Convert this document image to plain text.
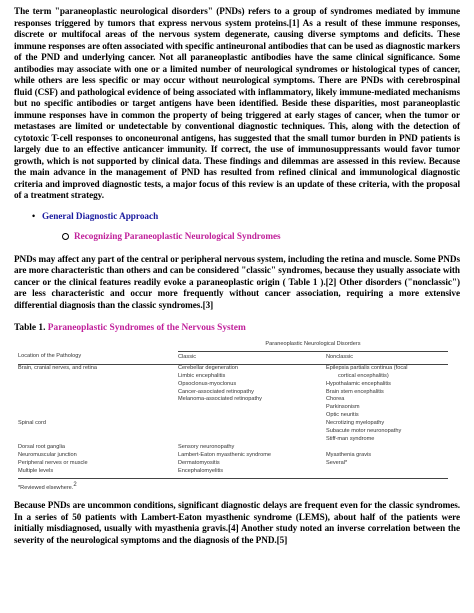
The term "paraneoplastic neurological disorders" (PNDs) refers to a group of syndromes mediated by immune responses triggered by tumors that express nervous system proteins.[1] As a result of these immune responses, discrete or multifocal areas of the nervous system degenerate, causing diverse symptoms and deficits. These immune responses are often associated with specific antineuronal antibodies that can be used as diagnostic markers of the PND and underlying cancer. Not all paraneoplastic antibodies have the same clinical significance. Some antibodies may associate with one or a limited number of neurological syndromes or histological types of cancer, while others are less specific or may occur without neurological symptoms. There are PNDs with cerebrospinal fluid (CSF) and pathological evidence of being associated with inflammatory, likely immune-mediated mechanisms but no specific antibodies or target antigens have been identified. Beside these disparities, most paraneoplastic immune responses have in common the property of being triggered at early stages of cancer, when the tumor or metastases are limited or undetectable by conventional diagnostic techniques. This, along with the detection of cytotoxic T-cell responses to onconeuronal antigens, has suggested that the small tumor burden in PND patients is largely due to an effective anticancer immunity. If correct, the use of immunosuppressants would favor tumor growth, which is not supported by clinical data. These findings and dilemmas are assessed in this review. Because the main advance in the management of PND has resulted from refined clinical and immunological diagnostic criteria and improved diagnostic tests, a major focus of this review is an update of these criteria, with the proposal of a treatment strategy.

• General Diagnostic Approach
Recognizing Paraneoplastic Neurological Syndromes

PNDs may affect any part of the central or peripheral nervous system, including the retina and muscle. Some PNDs are more characteristic than others and can be considered "classic" syndromes, because they usually associate with cancer or the clinical features readily evoke a paraneoplastic origin ( Table 1 ).[2] Other disorders ("nonclassic") are less characteristic and occur more frequently without cancer association, requiring a more extensive differential diagnosis than the classic syndromes.[3]

Table 1. Paraneoplastic Syndromes of the Nervous System
	Paraneoplastic Neurological Disorders	
Location of the Pathology	Classic	Nonclassic
Brain, cranial nerves, and retina	Cerebellar degeneration	Epilepsia partialis continua (focal
	Limbic encephalitis	cortical encephalitis)
	Opsoclonus-myoclonus	Hypothalamic encephalitis
	Cancer-associated retinopathy	Brain stem encephalitis
	Melanoma-associated retinopathy	Chorea
		Parkinsonism
		Optic neuritis
Spinal cord		Necrotizing myelopathy
		Subacute motor neuronopathy
		Stiff-man syndrome
Dorsal root ganglia	Sensory neuronopathy	
Neuromuscular junction	Lambert-Eaton myasthenic syndrome	Myasthenia gravis
Peripheral nerves or muscle	Dermatomyositis	Several*
Multiple levels	Encephalomyelitis	
*Reviewed elsewhere.2

Because PNDs are uncommon conditions, significant diagnostic delays are frequent even for the classic syndromes. In a series of 50 patients with Lambert-Eaton myasthenic syndrome (LEMS), about half of the patients were initially misdiagnosed, usually with myasthenia gravis.[4] Another study noted an inverse correlation between the severity of the neurological symptoms and the diagnosis of the PND.[5]
